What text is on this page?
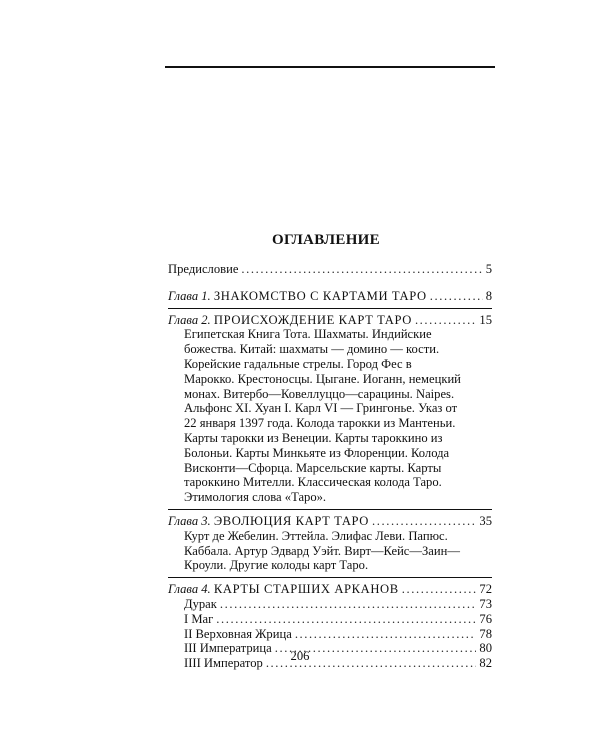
ОГЛАВЛЕНИЕ
Предисловие .....	5
Глава 1. ЗНАКОМСТВО С КАРТАМИ ТАРО .....	8
Глава 2. ПРОИСХОЖДЕНИЕ КАРТ ТАРО .....	15
Египетская Книга Тота. Шахматы. Индийские
божества. Китай: шахматы — домино — кости.
Корейские гадальные стрелы. Город Фес в
Марокко. Крестоносцы. Цыгане. Иоганн, немецкий
монах. Витербо—Ковеллуццо—сарацины. Naipes.
Альфонс XI. Хуан I. Карл VI — Грингонье. Указ от
22 января 1397 года. Колода тарокки из Мантеньи.
Карты тарокки из Венеции. Карты тароккино из
Болоньи. Карты Минкьяте из Флоренции. Колода
Висконти—Сфорца. Марсельские карты. Карты
тароккино Мителли. Классическая колода Таро.
Этимология слова «Таро».
Глава 3. ЭВОЛЮЦИЯ КАРТ ТАРО .....	35
Курт де Жебелин. Эттейла. Элифас Леви. Папюс.
Каббала. Артур Эдвард Уэйт. Вирт—Кейс—Заин—
Кроули. Другие колоды карт Таро.
Глава 4. КАРТЫ СТАРШИХ АРКАНОВ .....	72
Дурак .....	73
I Маг .....	76
II Верховная Жрица .....	78
III Императрица .....	80
IIII Император .....	82

206
